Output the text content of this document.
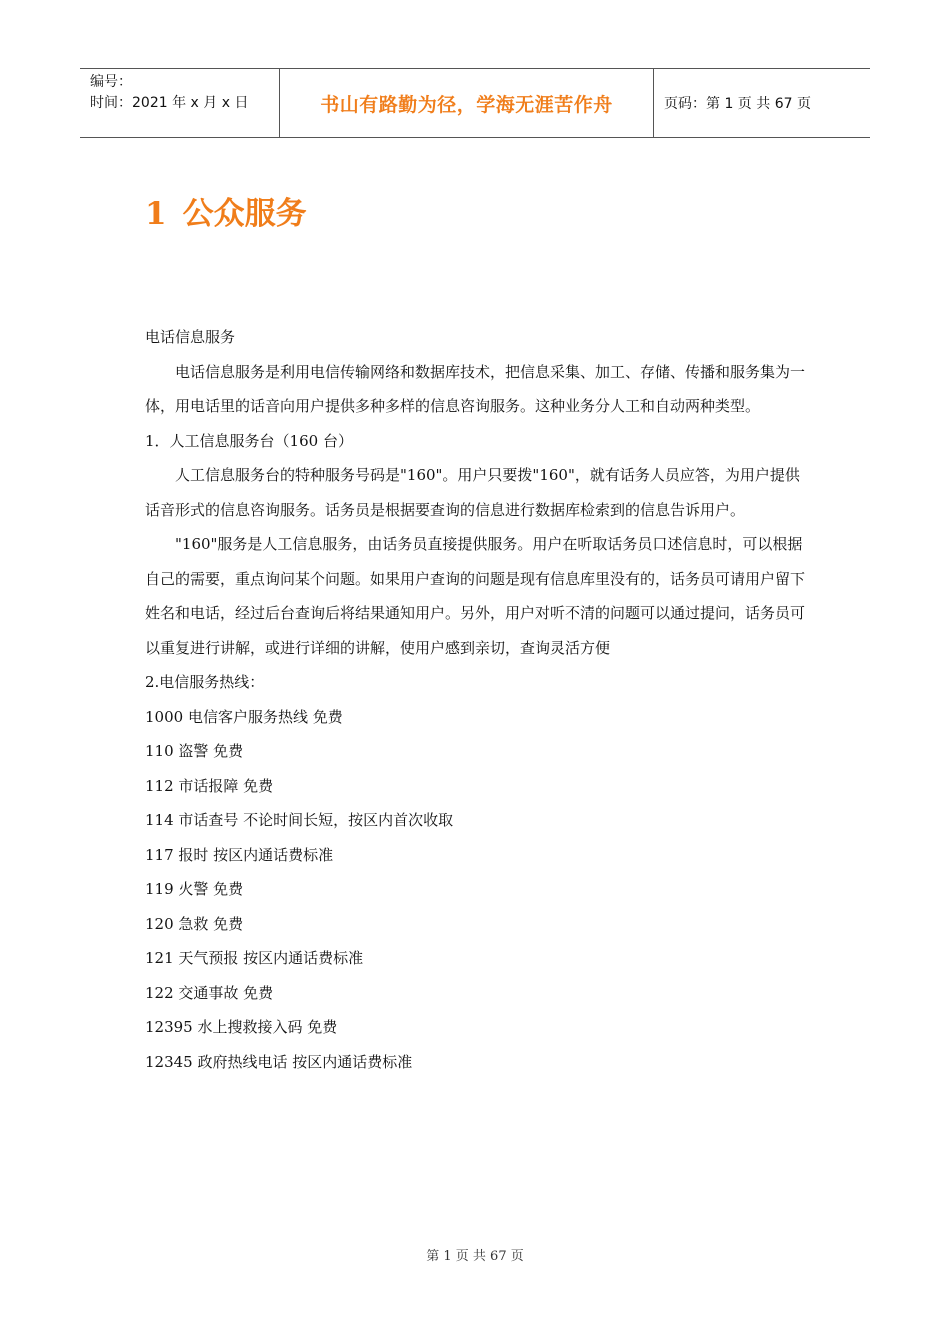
编号：
时间：2021 年 x 月 x 日	书山有路勤为径，学海无涯苦作舟	页码：第 1 页 共 67 页
1 公众服务

电话信息服务

电话信息服务是利用电信传输网络和数据库技术，把信息采集、加工、存储、传播和服务集为一体，用电话里的话音向用户提供多种多样的信息咨询服务。这种业务分人工和自动两种类型。

1．人工信息服务台（160 台）

人工信息服务台的特种服务号码是"160"。用户只要拨"160"，就有话务人员应答，为用户提供话音形式的信息咨询服务。话务员是根据要查询的信息进行数据库检索到的信息告诉用户。

"160"服务是人工信息服务，由话务员直接提供服务。用户在听取话务员口述信息时，可以根据自己的需要，重点询问某个问题。如果用户查询的问题是现有信息库里没有的，话务员可请用户留下姓名和电话，经过后台查询后将结果通知用户。另外，用户对听不清的问题可以通过提问，话务员可以重复进行讲解，或进行详细的讲解，使用户感到亲切，查询灵活方便

2.电信服务热线：

1000 电信客户服务热线 免费

110 盗警 免费

112 市话报障 免费

114 市话查号 不论时间长短，按区内首次收取

117 报时 按区内通话费标准

119 火警 免费

120 急救 免费

121 天气预报 按区内通话费标准

122 交通事故 免费

12395 水上搜救接入码 免费

12345 政府热线电话 按区内通话费标准

第 1 页 共 67 页
